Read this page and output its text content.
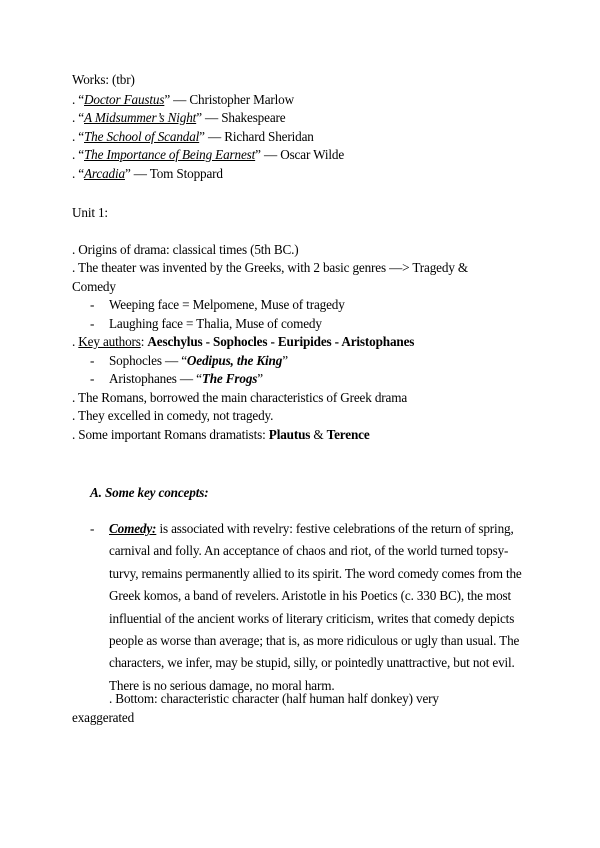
Works: (tbr)
. “Doctor Faustus” — Christopher Marlow
. “A Midsummer’s Night” — Shakespeare
. “The School of Scandal” — Richard Sheridan
. “The Importance of Being Earnest” — Oscar Wilde
. “Arcadia” — Tom Stoppard
Unit 1:
. Origins of drama: classical times (5th BC.)
. The theater was invented by the Greeks, with 2 basic genres —> Tragedy &
Comedy
- Weeping face = Melpomene, Muse of tragedy
- Laughing face = Thalia, Muse of comedy
. Key authors: Aeschylus - Sophocles - Euripides - Aristophanes
- Sophocles — “Oedipus, the King”
- Aristophanes — “The Frogs”
. The Romans, borrowed the main characteristics of Greek drama
. They excelled in comedy, not tragedy.
. Some important Romans dramatists: Plautus & Terence
A. Some key concepts:
- Comedy: is associated with revelry: festive celebrations of the return of spring, carnival and folly. An acceptance of chaos and riot, of the world turned topsy-turvy, remains permanently allied to its spirit. The word comedy comes from the Greek komos, a band of revelers. Aristotle in his Poetics (c. 330 BC), the most influential of the ancient works of literary criticism, writes that comedy depicts people as worse than average; that is, as more ridiculous or ugly than usual. The characters, we infer, may be stupid, silly, or pointedly unattractive, but not evil. There is no serious damage, no moral harm.
. Bottom: characteristic character (half human half donkey) very
exaggerated
